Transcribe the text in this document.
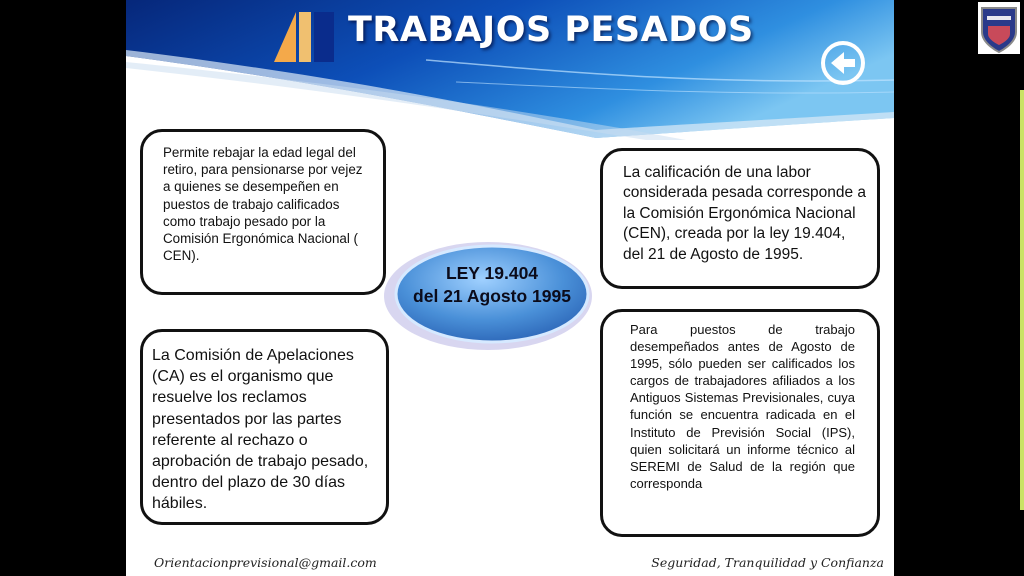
TRABAJOS PESADOS
Permite rebajar la edad legal del retiro, para pensionarse por vejez a quienes se desempeñen en puestos de trabajo calificados como trabajo pesado por la Comisión Ergonómica Nacional ( CEN).
La calificación de una labor considerada pesada corresponde a la Comisión Ergonómica Nacional (CEN), creada por la ley 19.404, del 21 de Agosto de 1995.
LEY 19.404
del 21 Agosto 1995
La Comisión de Apelaciones (CA) es el organismo que resuelve los reclamos presentados por las partes referente al rechazo o aprobación de trabajo pesado, dentro del plazo de 30 días hábiles.
Para puestos de trabajo desempeñados antes de Agosto de 1995, sólo pueden ser calificados los cargos de trabajadores afiliados a los Antiguos Sistemas Previsionales, cuya función se encuentra radicada en el Instituto de Previsión Social (IPS), quien solicitará un informe técnico al SEREMI de Salud de la región que corresponda
Orientacionprevisional@gmail.com	Seguridad, Tranquilidad y Confianza
